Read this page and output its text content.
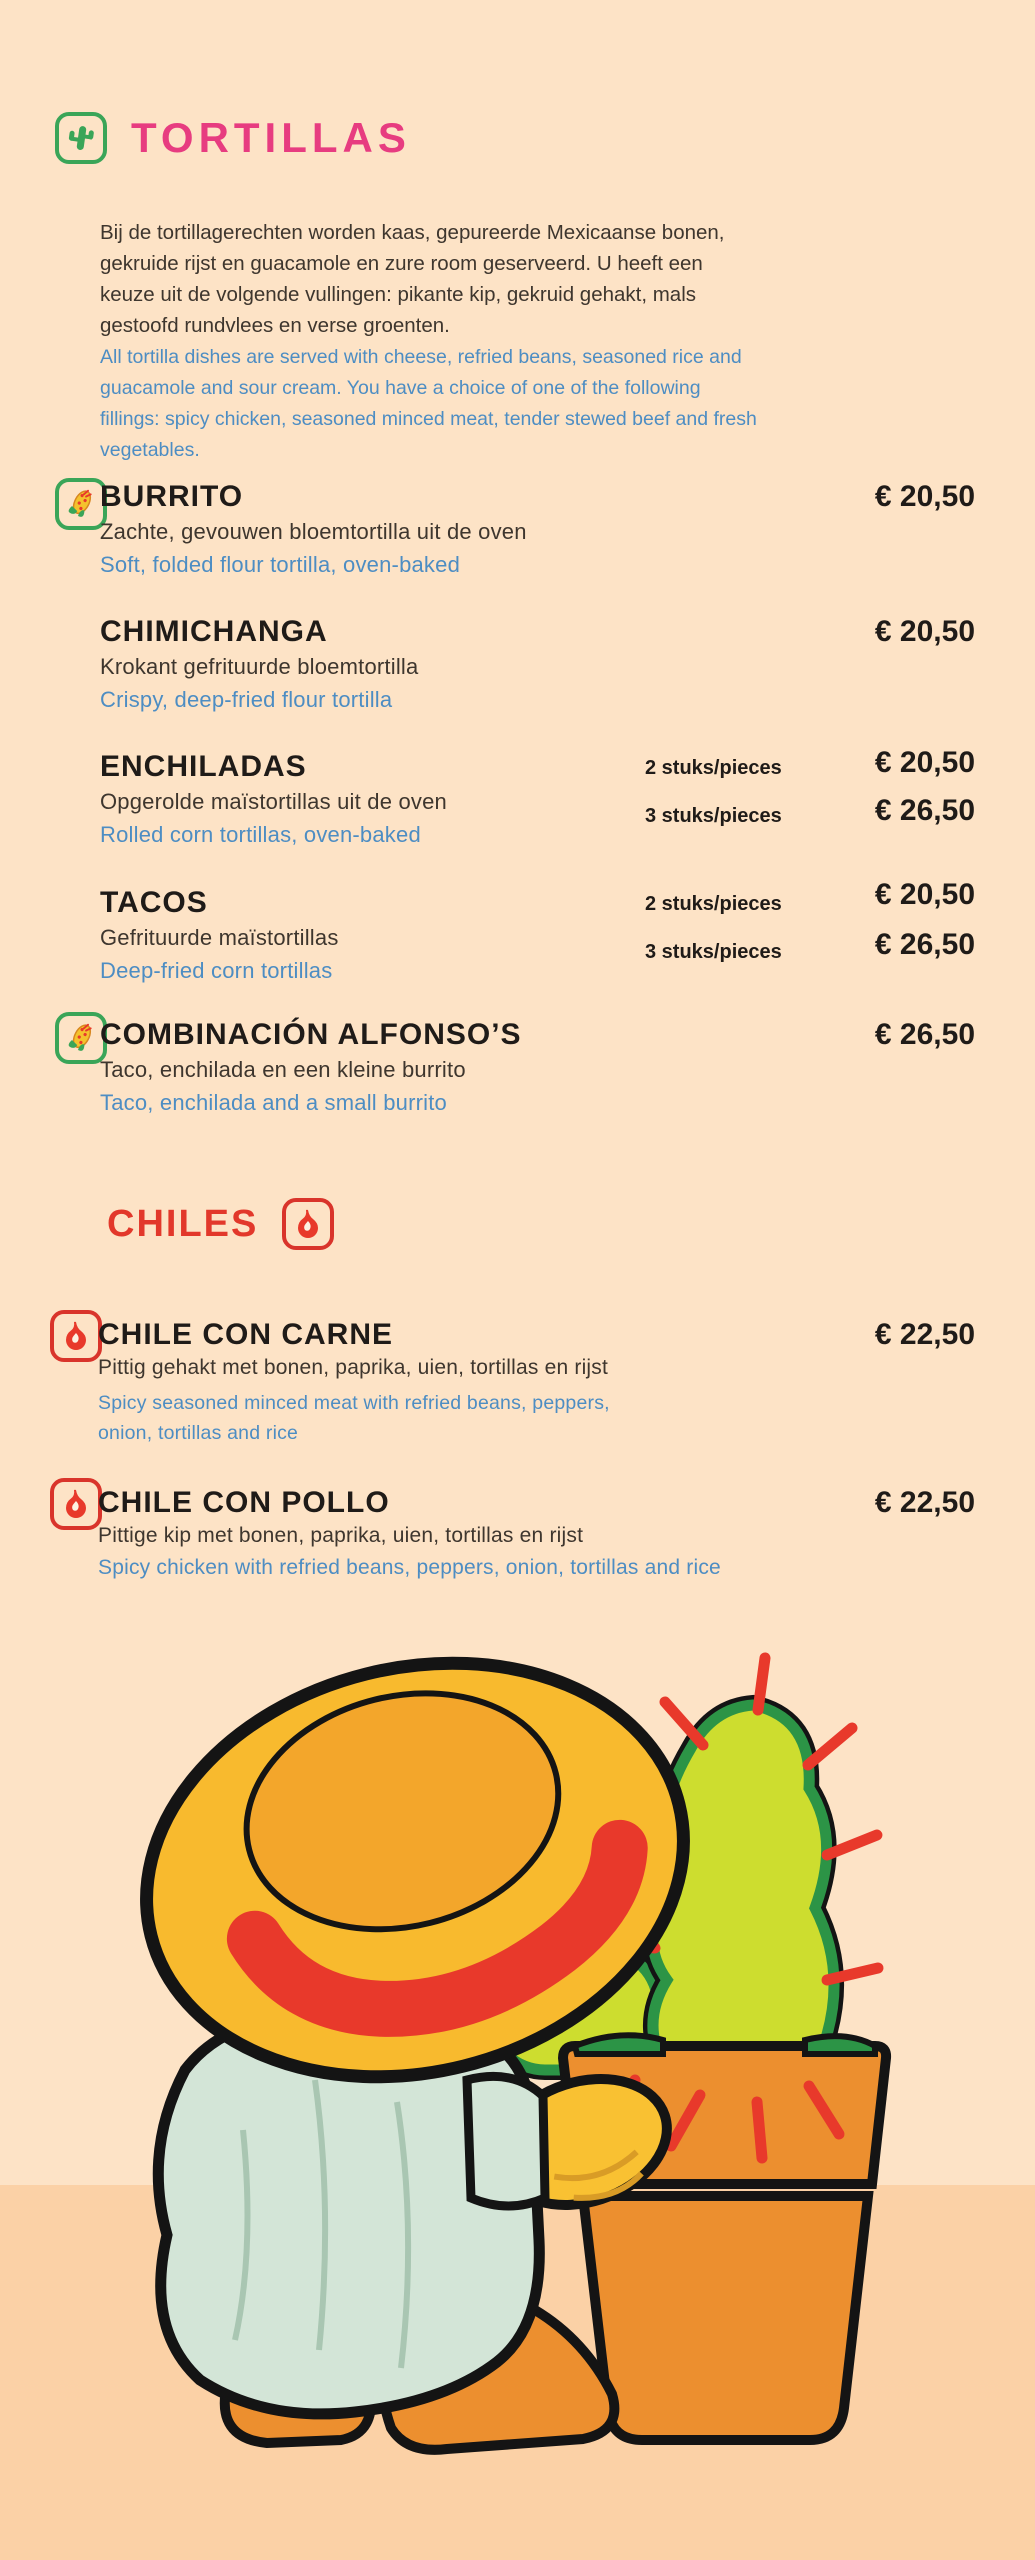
TORTILLAS

Bij de tortillagerechten worden kaas, gepureerde Mexicaanse bonen, gekruide rijst en guacamole en zure room geserveerd. U heeft een keuze uit de volgende vullingen: pikante kip, gekruid gehakt, mals gestoofd rundvlees en verse groenten.

All tortilla dishes are served with cheese, refried beans, seasoned rice and guacamole and sour cream. You have a choice of one of the following fillings: spicy chicken, seasoned minced meat, tender stewed beef and fresh vegetables.

BURRITO
Zachte, gevouwen bloemtortilla uit de oven
Soft, folded flour tortilla, oven-baked
€ 20,50
CHIMICHANGA
Krokant gefrituurde bloemtortilla
Crispy, deep-fried flour tortilla
€ 20,50
ENCHILADAS
Opgerolde maïstortillas uit de oven
Rolled corn tortillas, oven-baked
2 stuks/pieces	€ 20,50
3 stuks/pieces	€ 26,50
TACOS
Gefrituurde maïstortillas
Deep-fried corn tortillas
2 stuks/pieces	€ 20,50
3 stuks/pieces	€ 26,50
COMBINACIÓN ALFONSO’S
Taco, enchilada en een kleine burrito
Taco, enchilada and a small burrito
€ 26,50
CHILES
CHILE CON CARNE
Pittig gehakt met bonen, paprika, uien, tortillas en rijst
Spicy seasoned minced meat with refried beans, peppers, onion, tortillas and rice
€ 22,50
CHILE CON POLLO
Pittige kip met bonen, paprika, uien, tortillas en rijst
Spicy chicken with refried beans, peppers, onion, tortillas and rice
€ 22,50
